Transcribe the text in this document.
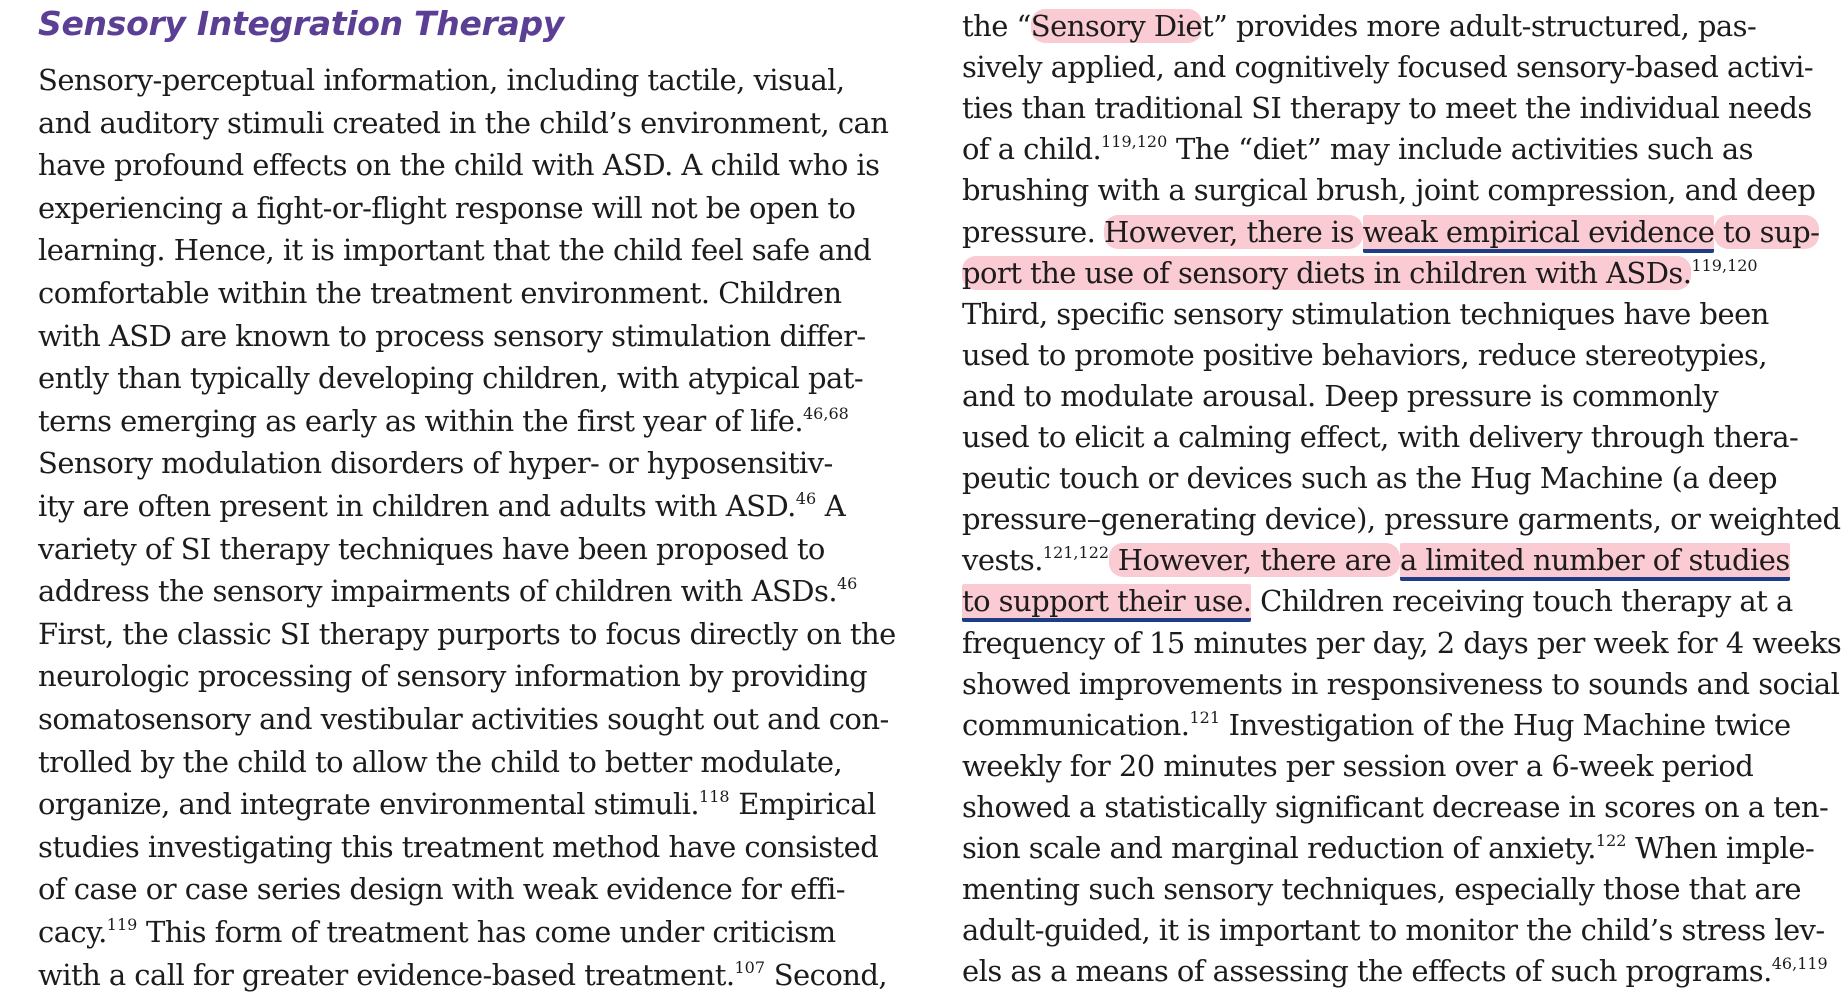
Sensory Integration Therapy
Sensory-perceptual information, including tactile, visual,
and auditory stimuli created in the child’s environment, can
have profound effects on the child with ASD. A child who is
experiencing a fight-or-flight response will not be open to
learning. Hence, it is important that the child feel safe and
comfortable within the treatment environment. Children
with ASD are known to process sensory stimulation differ-
ently than typically developing children, with atypical pat-
terns emerging as early as within the first year of life.$^{46,68}$
Sensory modulation disorders of hyper- or hyposensitiv-
ity are often present in children and adults with ASD.$^{46}$ A
variety of SI therapy techniques have been proposed to
address the sensory impairments of children with ASDs.$^{46}$
First, the classic SI therapy purports to focus directly on the
neurologic processing of sensory information by providing
somatosensory and vestibular activities sought out and con-
trolled by the child to allow the child to better modulate,
organize, and integrate environmental stimuli.$^{118}$ Empirical
studies investigating this treatment method have consisted
of case or case series design with weak evidence for effi-
cacy.$^{119}$ This form of treatment has come under criticism
with a call for greater evidence-based treatment.$^{107}$ Second,
the “Sensory Diet” provides more adult-structured, pas-
sively applied, and cognitively focused sensory-based activi-
ties than traditional SI therapy to meet the individual needs
of a child.$^{119,120}$ The “diet” may include activities such as
brushing with a surgical brush, joint compression, and deep
pressure. However, there is weak empirical evidence to sup-
port the use of sensory diets in children with ASDs.$^{119,120}$
Third, specific sensory stimulation techniques have been
used to promote positive behaviors, reduce stereotypies,
and to modulate arousal. Deep pressure is commonly
used to elicit a calming effect, with delivery through thera-
peutic touch or devices such as the Hug Machine (a deep
pressure–generating device), pressure garments, or weighted
vests.$^{121,122}$ However, there are a limited number of studies
to support their use. Children receiving touch therapy at a
frequency of 15 minutes per day, 2 days per week for 4 weeks
showed improvements in responsiveness to sounds and social
communication.$^{121}$ Investigation of the Hug Machine twice
weekly for 20 minutes per session over a 6-week period
showed a statistically significant decrease in scores on a ten-
sion scale and marginal reduction of anxiety.$^{122}$ When imple-
menting such sensory techniques, especially those that are
adult-guided, it is important to monitor the child’s stress lev-
els as a means of assessing the effects of such programs.$^{46,119}$
